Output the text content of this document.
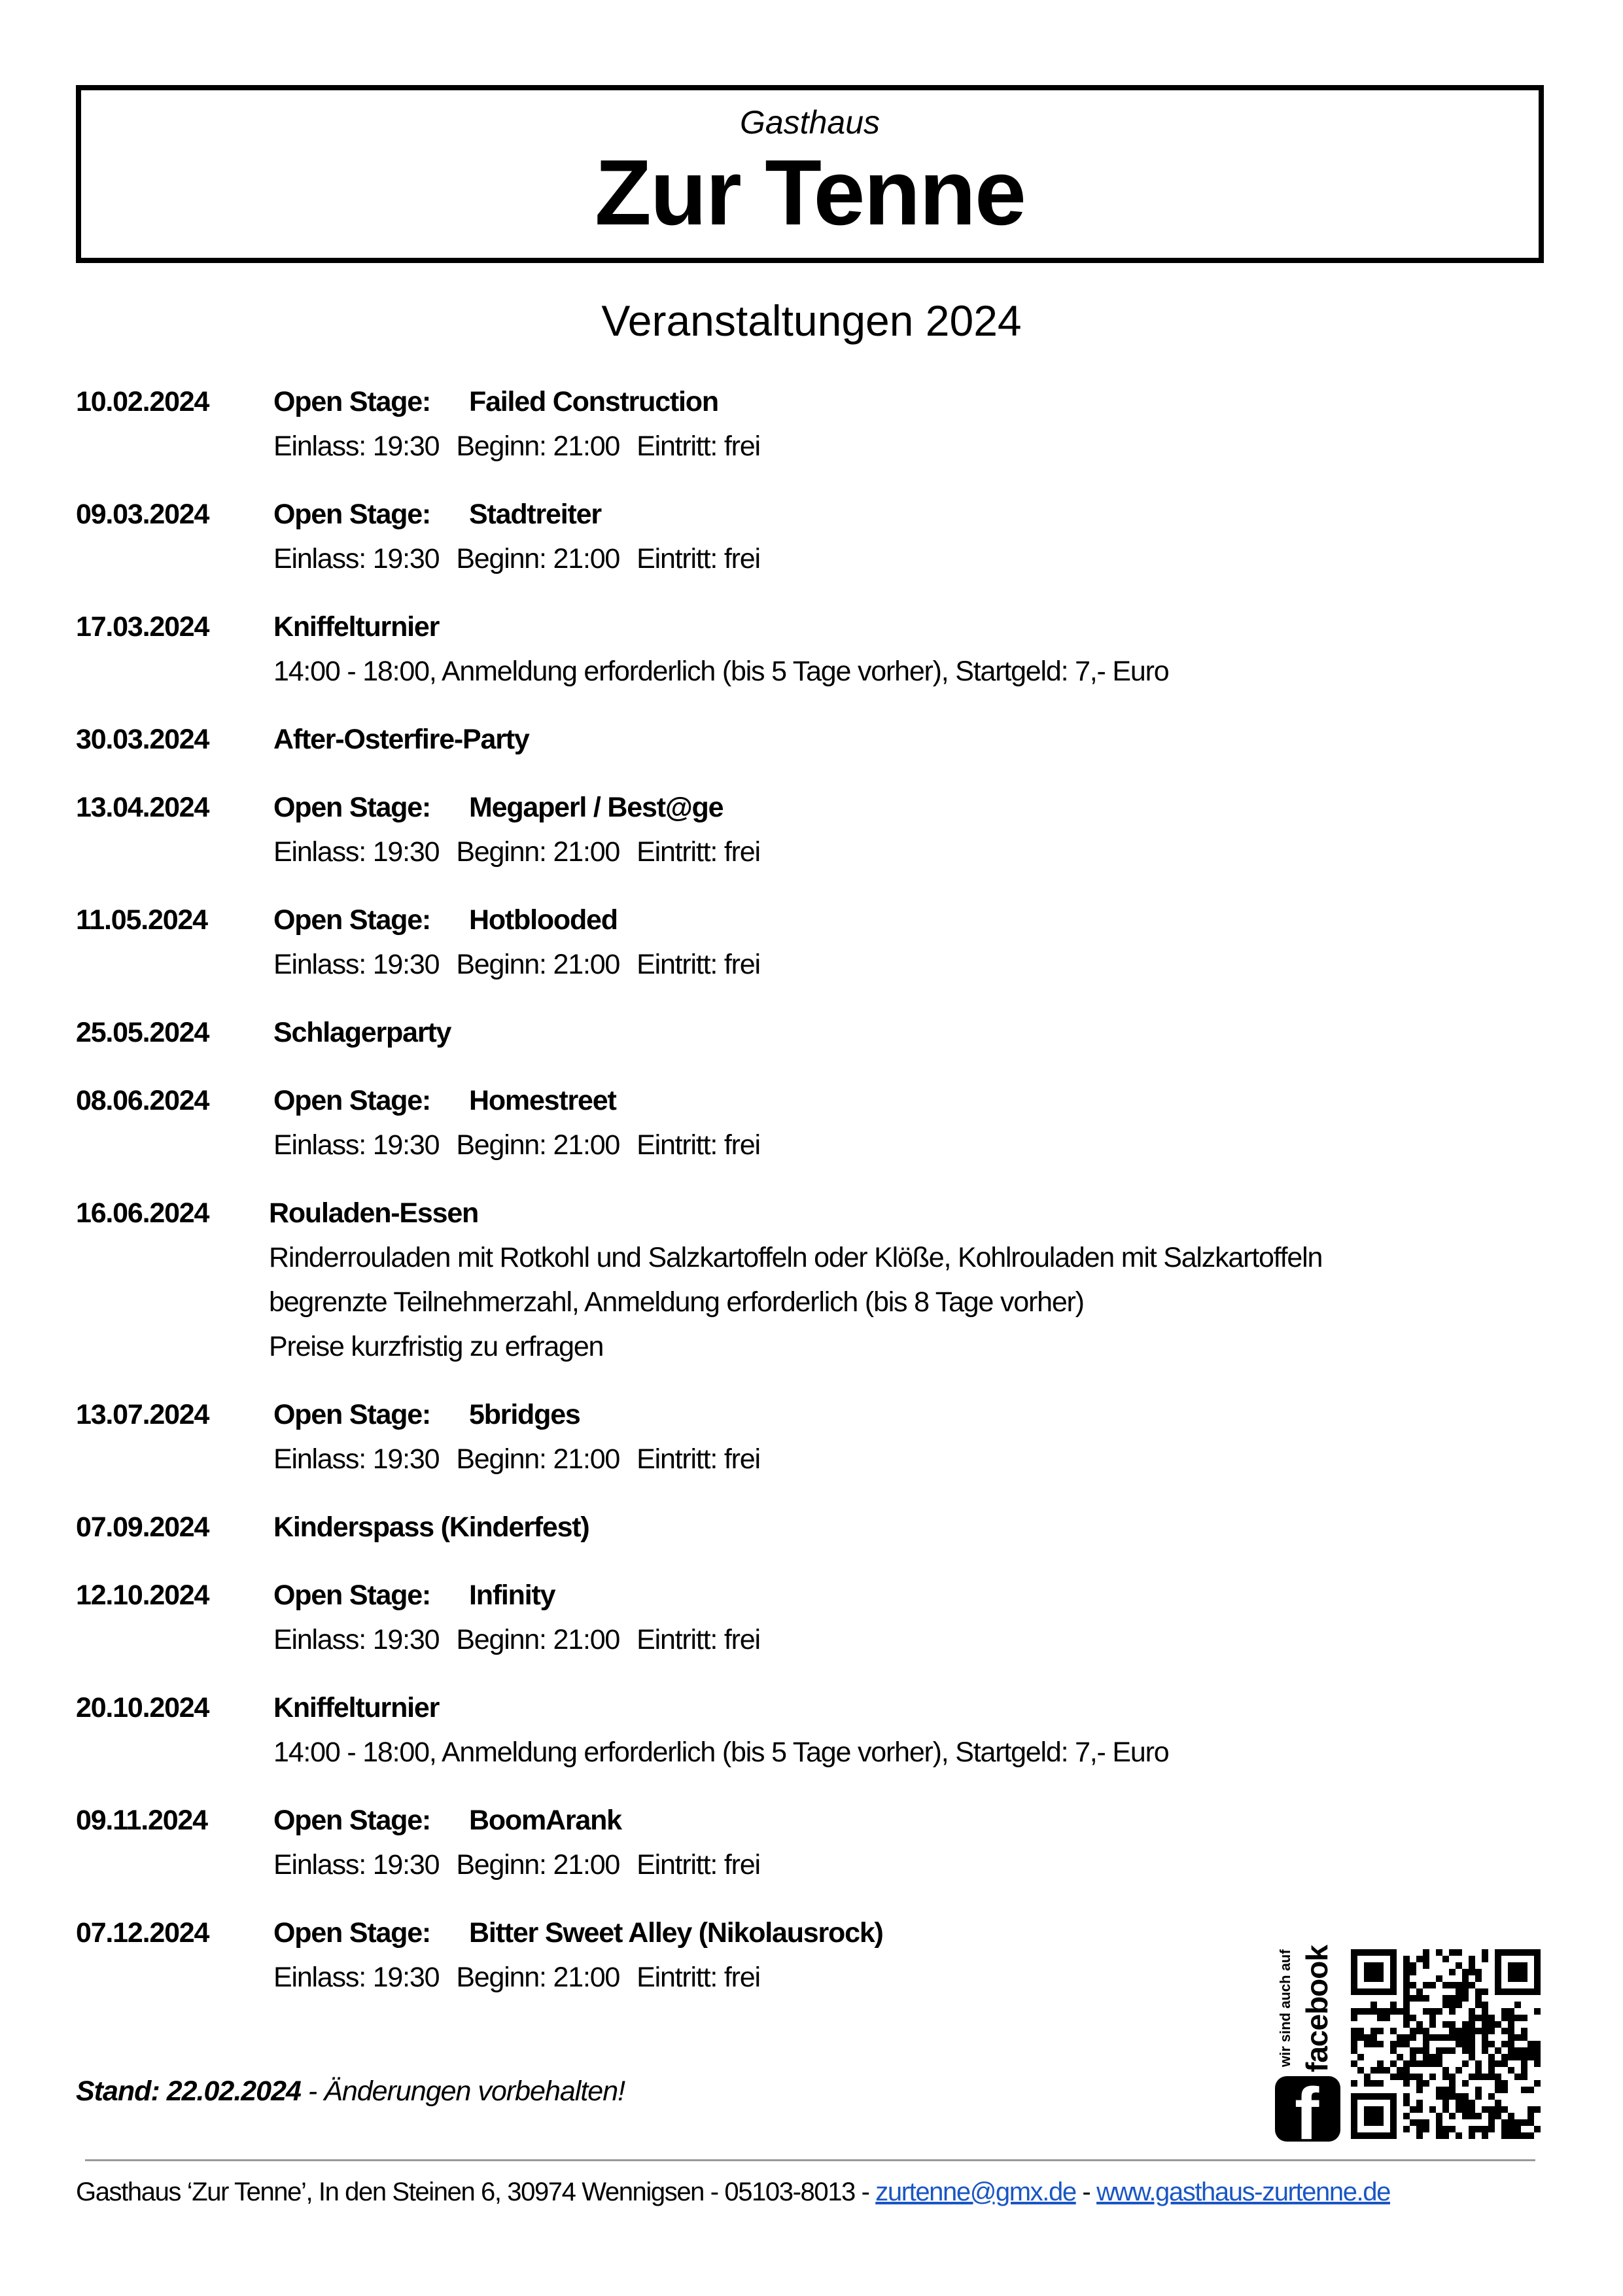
Gasthaus
Zur Tenne
Veranstaltungen 2024
10.02.2024 Open Stage: Failed Construction
Einlass: 19:30 Beginn: 21:00 Eintritt: frei
09.03.2024 Open Stage: Stadtreiter
Einlass: 19:30 Beginn: 21:00 Eintritt: frei
17.03.2024 Kniffelturnier
14:00 - 18:00, Anmeldung erforderlich (bis 5 Tage vorher), Startgeld: 7,- Euro
30.03.2024 After-Osterfire-Party
13.04.2024 Open Stage: Megaperl / Best@ge
Einlass: 19:30 Beginn: 21:00 Eintritt: frei
11.05.2024 Open Stage: Hotblooded
Einlass: 19:30 Beginn: 21:00 Eintritt: frei
25.05.2024 Schlagerparty
08.06.2024 Open Stage: Homestreet
Einlass: 19:30 Beginn: 21:00 Eintritt: frei
16.06.2024 Rouladen-Essen
Rinderrouladen mit Rotkohl und Salzkartoffeln oder Klöße, Kohlrouladen mit Salzkartoffeln
begrenzte Teilnehmerzahl, Anmeldung erforderlich (bis 8 Tage vorher)
Preise kurzfristig zu erfragen
13.07.2024 Open Stage: 5bridges
Einlass: 19:30 Beginn: 21:00 Eintritt: frei
07.09.2024 Kinderspass (Kinderfest)
12.10.2024 Open Stage: Infinity
Einlass: 19:30 Beginn: 21:00 Eintritt: frei
20.10.2024 Kniffelturnier
14:00 - 18:00, Anmeldung erforderlich (bis 5 Tage vorher), Startgeld: 7,- Euro
09.11.2024 Open Stage: BoomArank
Einlass: 19:30 Beginn: 21:00 Eintritt: frei
07.12.2024 Open Stage: Bitter Sweet Alley (Nikolausrock)
Einlass: 19:30 Beginn: 21:00 Eintritt: frei
Stand: 22.02.2024 - Änderungen vorbehalten!
wir sind auch auf facebook
f
Gasthaus ‘Zur Tenne’, In den Steinen 6, 30974 Wennigsen - 05103-8013 - zurtenne@gmx.de - www.gasthaus-zurtenne.de
